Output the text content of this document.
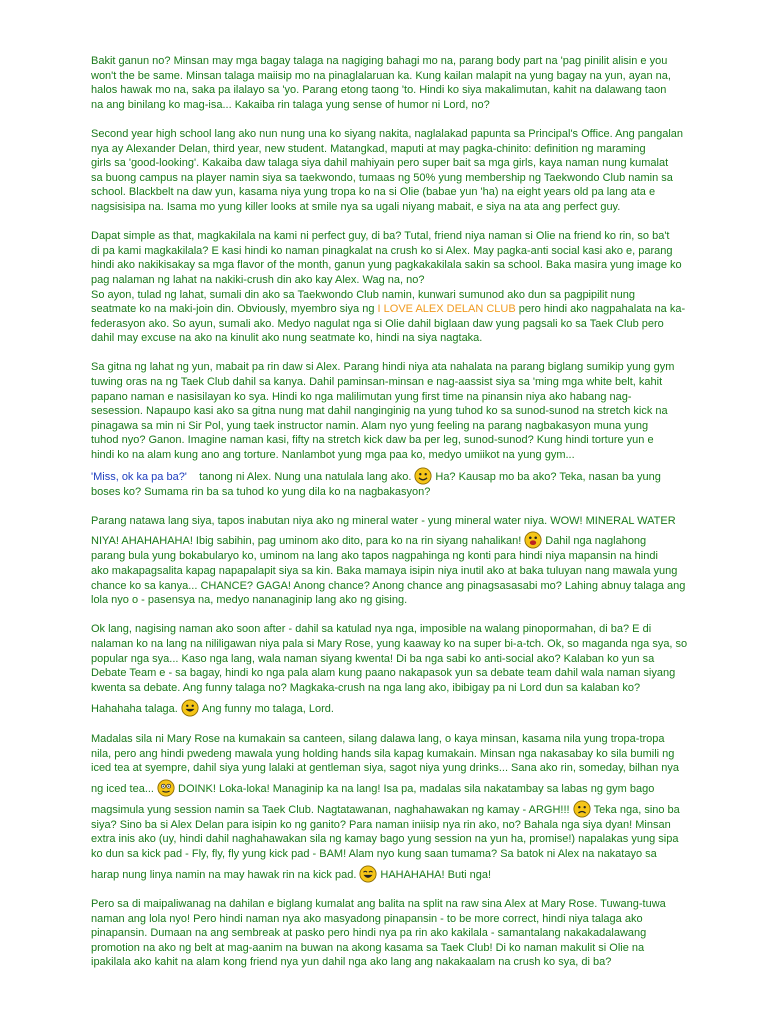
Bakit ganun no? Minsan may mga bagay talaga na nagiging bahagi mo na, parang body part na 'pag pinilit alisin e you
won't the be same. Minsan talaga maiisip mo na pinaglalaruan ka. Kung kailan malapit na yung bagay na yun, ayan na,
halos hawak mo na, saka pa ilalayo sa 'yo. Parang etong taong 'to. Hindi ko siya makalimutan, kahit na dalawang taon
na ang binilang ko mag-isa... Kakaiba rin talaga yung sense of humor ni Lord, no?
Second year high school lang ako nun nung una ko siyang nakita, naglalakad papunta sa Principal's Office. Ang pangalan
nya ay Alexander Delan, third year, new student. Matangkad, maputi at may pagka-chinito: definition ng maraming
girls sa 'good-looking'. Kakaiba daw talaga siya dahil mahiyain pero super bait sa mga girls, kaya naman nung kumalat
sa buong campus na player namin siya sa taekwondo, tumaas ng 50% yung membership ng Taekwondo Club namin sa
school. Blackbelt na daw yun, kasama niya yung tropa ko na si Olie (babae yun 'ha) na eight years old pa lang ata e
nagsisisipa na. Isama mo yung killer looks at smile nya sa ugali niyang mabait, e siya na ata ang perfect guy.
Dapat simple as that, magkakilala na kami ni perfect guy, di ba? Tutal, friend niya naman si Olie na friend ko rin, so ba't
di pa kami magkakilala? E kasi hindi ko naman pinagkalat na crush ko si Alex. May pagka-anti social kasi ako e, parang
hindi ako nakikisakay sa mga flavor of the month, ganun yung pagkakakilala sakin sa school. Baka masira yung image ko
pag nalaman ng lahat na nakiki-crush din ako kay Alex. Wag na, no?
So ayon, tulad ng lahat, sumali din ako sa Taekwondo Club namin, kunwari sumunod ako dun sa pagpipilit nung
seatmate ko na maki-join din. Obviously, myembro siya ng I LOVE ALEX DELAN CLUB pero hindi ako nagpahalata na ka-
federasyon ako. So ayun, sumali ako. Medyo nagulat nga si Olie dahil biglaan daw yung pagsali ko sa Taek Club pero
dahil may excuse na ako na kinulit ako nung seatmate ko, hindi na siya nagtaka.
Sa gitna ng lahat ng yun, mabait pa rin daw si Alex. Parang hindi niya ata nahalata na parang biglang sumikip yung gym
tuwing oras na ng Taek Club dahil sa kanya. Dahil paminsan-minsan e nag-aassist siya sa 'ming mga white belt, kahit
papano naman e nasisilayan ko sya. Hindi ko nga malilimutan yung first time na pinansin niya ako habang nag-
sesession. Napaupo kasi ako sa gitna nung mat dahil nanginginig na yung tuhod ko sa sunod-sunod na stretch kick na
pinagawa sa min ni Sir Pol, yung taek instructor namin. Alam nyo yung feeling na parang nagbakasyon muna yung
tuhod nyo? Ganon. Imagine naman kasi, fifty na stretch kick daw ba per leg, sunod-sunod? Kung hindi torture yun e
hindi ko na alam kung ano ang torture. Nanlambot yung mga paa ko, medyo umiikot na yung gym...
'Miss, ok ka pa ba?' tanong ni Alex. Nung una natulala lang ako. Ha? Kausap mo ba ako? Teka, nasan ba yung
boses ko? Sumama rin ba sa tuhod ko yung dila ko na nagbakasyon?
Parang natawa lang siya, tapos inabutan niya ako ng mineral water - yung mineral water niya. WOW! MINERAL WATER
NIYA! AHAHAHAHA! Ibig sabihin, pag uminom ako dito, para ko na rin siyang nahalikan! Dahil nga naglahong
parang bula yung bokabularyo ko, uminom na lang ako tapos nagpahinga ng konti para hindi niya mapansin na hindi
ako makapagsalita kapag napapalapit siya sa kin. Baka mamaya isipin niya inutil ako at baka tuluyan nang mawala yung
chance ko sa kanya... CHANCE? GAGA! Anong chance? Anong chance ang pinagsasasabi mo? Lahing abnuy talaga ang
lola nyo o - pasensya na, medyo nananaginip lang ako ng gising.
Ok lang, nagising naman ako soon after - dahil sa katulad nya nga, imposible na walang pinopormahan, di ba? E di
nalaman ko na lang na nililigawan niya pala si Mary Rose, yung kaaway ko na super bi-a-tch. Ok, so maganda nga sya, so
popular nga sya... Kaso nga lang, wala naman siyang kwenta! Di ba nga sabi ko anti-social ako? Kalaban ko yun sa
Debate Team e - sa bagay, hindi ko nga pala alam kung paano nakapasok yun sa debate team dahil wala naman siyang
kwenta sa debate. Ang funny talaga no? Magkaka-crush na nga lang ako, ibibigay pa ni Lord dun sa kalaban ko?
Hahahaha talaga. Ang funny mo talaga, Lord.
Madalas sila ni Mary Rose na kumakain sa canteen, silang dalawa lang, o kaya minsan, kasama nila yung tropa-tropa
nila, pero ang hindi pwedeng mawala yung holding hands sila kapag kumakain. Minsan nga nakasabay ko sila bumili ng
iced tea at syempre, dahil siya yung lalaki at gentleman siya, sagot niya yung drinks... Sana ako rin, someday, bilhan nya
ng iced tea... DOINK! Loka-loka! Managinip ka na lang! Isa pa, madalas sila nakatambay sa labas ng gym bago
magsimula yung session namin sa Taek Club. Nagtatawanan, naghahawakan ng kamay - ARGH!!! Teka nga, sino ba
siya? Sino ba si Alex Delan para isipin ko ng ganito? Para naman iniisip nya rin ako, no? Bahala nga siya dyan! Minsan
extra inis ako (uy, hindi dahil naghahawakan sila ng kamay bago yung session na yun ha, promise!) napalakas yung sipa
ko dun sa kick pad - Fly, fly, fly yung kick pad - BAM! Alam nyo kung saan tumama? Sa batok ni Alex na nakatayo sa
harap nung linya namin na may hawak rin na kick pad. HAHAHAHA! Buti nga!
Pero sa di maipaliwanag na dahilan e biglang kumalat ang balita na split na raw sina Alex at Mary Rose. Tuwang-tuwa
naman ang lola nyo! Pero hindi naman nya ako masyadong pinapansin - to be more correct, hindi niya talaga ako
pinapansin. Dumaan na ang sembreak at pasko pero hindi nya pa rin ako kakilala - samantalang nakakadalawang
promotion na ako ng belt at mag-aanim na buwan na akong kasama sa Taek Club! Di ko naman makulit si Olie na
ipakilala ako kahit na alam kong friend nya yun dahil nga ako lang ang nakakaalam na crush ko sya, di ba?
